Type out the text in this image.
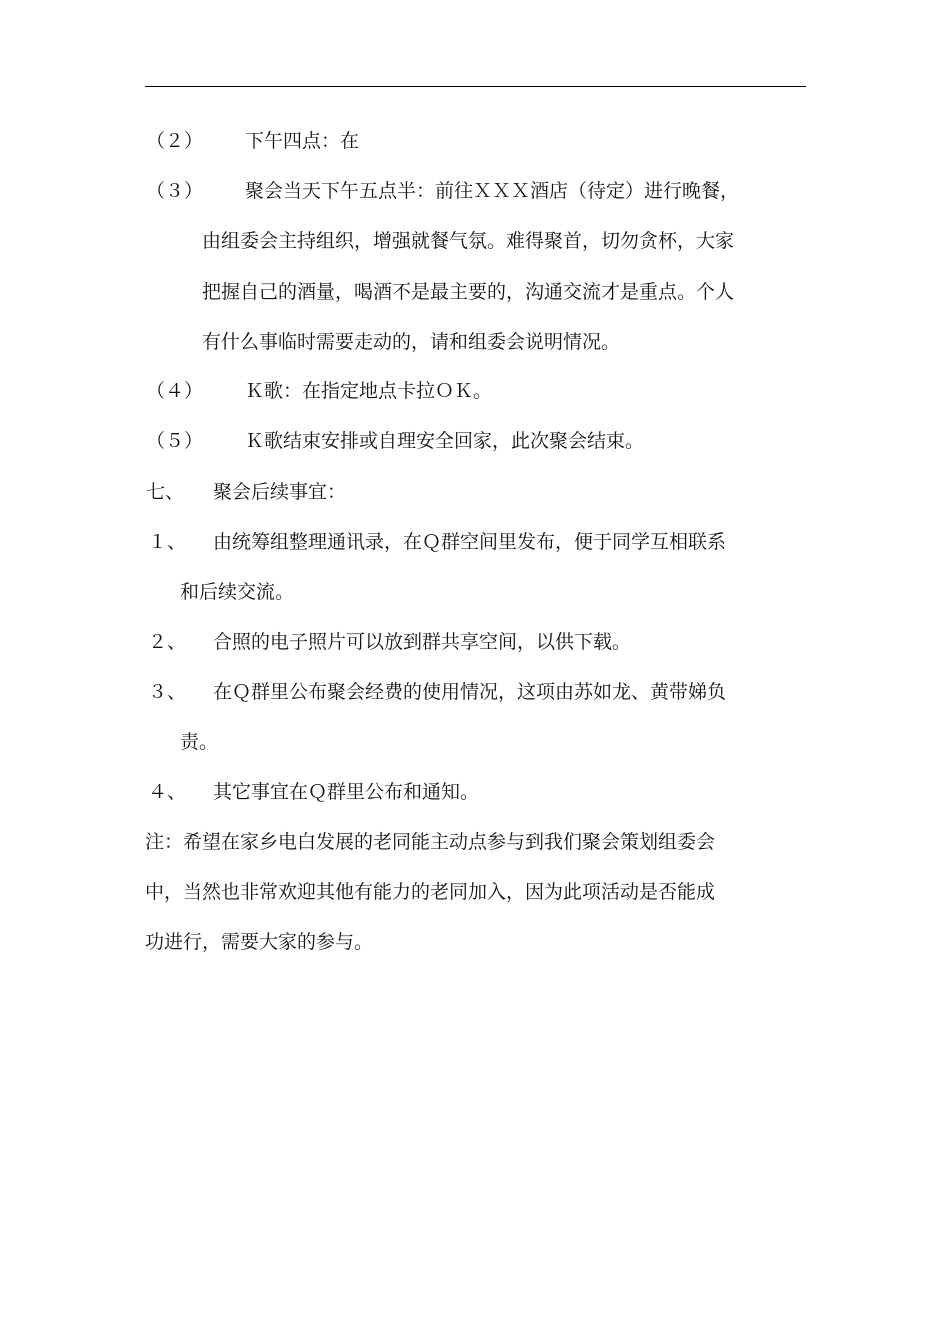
（２） 下午四点：在
（３） 聚会当天下午五点半：前往ＸＸＸ酒店（待定）进行晚餐，
由组委会主持组织，增强就餐气氛。难得聚首，切勿贪杯，大家
把握自己的酒量，喝酒不是最主要的，沟通交流才是重点。个人
有什么事临时需要走动的，请和组委会说明情况。
（４） Ｋ歌：在指定地点卡拉ＯＫ。
（５） Ｋ歌结束安排或自理安全回家，此次聚会结束。
七、 聚会后续事宜：
１、 由统筹组整理通讯录，在Ｑ群空间里发布，便于同学互相联系
和后续交流。
２、 合照的电子照片可以放到群共享空间，以供下载。
３、 在Ｑ群里公布聚会经费的使用情况，这项由苏如龙、黄带娣负
责。
４、 其它事宜在Ｑ群里公布和通知。
注：希望在家乡电白发展的老同能主动点参与到我们聚会策划组委会
中，当然也非常欢迎其他有能力的老同加入，因为此项活动是否能成
功进行，需要大家的参与。
